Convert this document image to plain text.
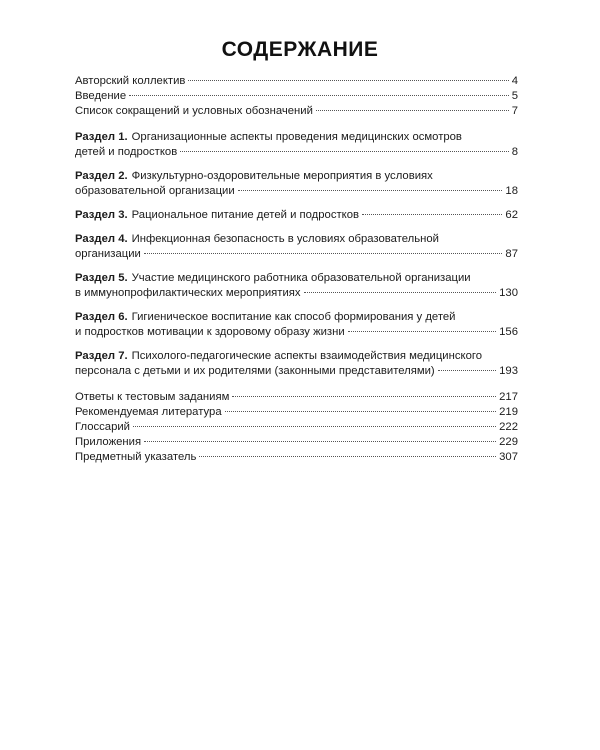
СОДЕРЖАНИЕ
Авторский коллектив	4
Введение	5
Список сокращений и условных обозначений	7
Раздел 1. Организационные аспекты проведения медицинских осмотров
детей и подростков	8
Раздел 2. Физкультурно-оздоровительные мероприятия в условиях
образовательной организации	18
Раздел 3. Рациональное питание детей и подростков	62
Раздел 4. Инфекционная безопасность в условиях образовательной
организации	87
Раздел 5. Участие медицинского работника образовательной организации
в иммунопрофилактических мероприятиях	130
Раздел 6. Гигиеническое воспитание как способ формирования у детей
и подростков мотивации к здоровому образу жизни	156
Раздел 7. Психолого-педагогические аспекты взаимодействия медицинского
персонала с детьми и их родителями (законными представителями)	193
Ответы к тестовым заданиям	217
Рекомендуемая литература	219
Глоссарий	222
Приложения	229
Предметный указатель	307
